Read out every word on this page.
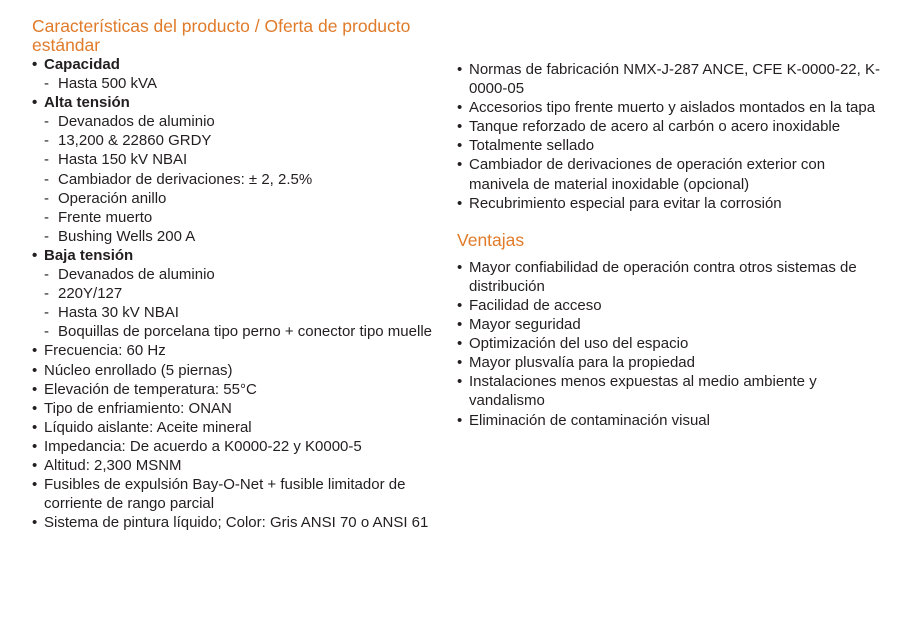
Características del producto / Oferta de producto estándar
• Capacidad
- Hasta 500 kVA
• Alta tensión
- Devanados de aluminio
- 13,200 & 22860 GRDY
- Hasta 150 kV NBAI
- Cambiador de derivaciones: ± 2, 2.5%
- Operación anillo
- Frente muerto
- Bushing Wells 200 A
• Baja tensión
- Devanados de aluminio
- 220Y/127
- Hasta 30 kV NBAI
- Boquillas de porcelana tipo perno + conector tipo muelle
• Frecuencia: 60 Hz
• Núcleo enrollado (5 piernas)
• Elevación de temperatura: 55°C
• Tipo de enfriamiento: ONAN
• Líquido aislante: Aceite mineral
• Impedancia: De acuerdo a K0000-22 y K0000-5
• Altitud: 2,300 MSNM
• Fusibles de expulsión Bay-O-Net + fusible limitador de corriente de rango parcial
• Sistema de pintura líquido; Color: Gris ANSI 70 o ANSI 61
• Normas de fabricación NMX-J-287 ANCE, CFE K-0000-22, K-0000-05
• Accesorios tipo frente muerto y aislados montados en la tapa
• Tanque reforzado de acero al carbón o acero inoxidable
• Totalmente sellado
• Cambiador de derivaciones de operación exterior con manivela de material inoxidable (opcional)
• Recubrimiento especial para evitar la corrosión
Ventajas
• Mayor confiabilidad de operación contra otros sistemas de distribución
• Facilidad de acceso
• Mayor seguridad
• Optimización del uso del espacio
• Mayor plusvalía para la propiedad
• Instalaciones menos expuestas al medio ambiente y vandalismo
• Eliminación de contaminación visual
